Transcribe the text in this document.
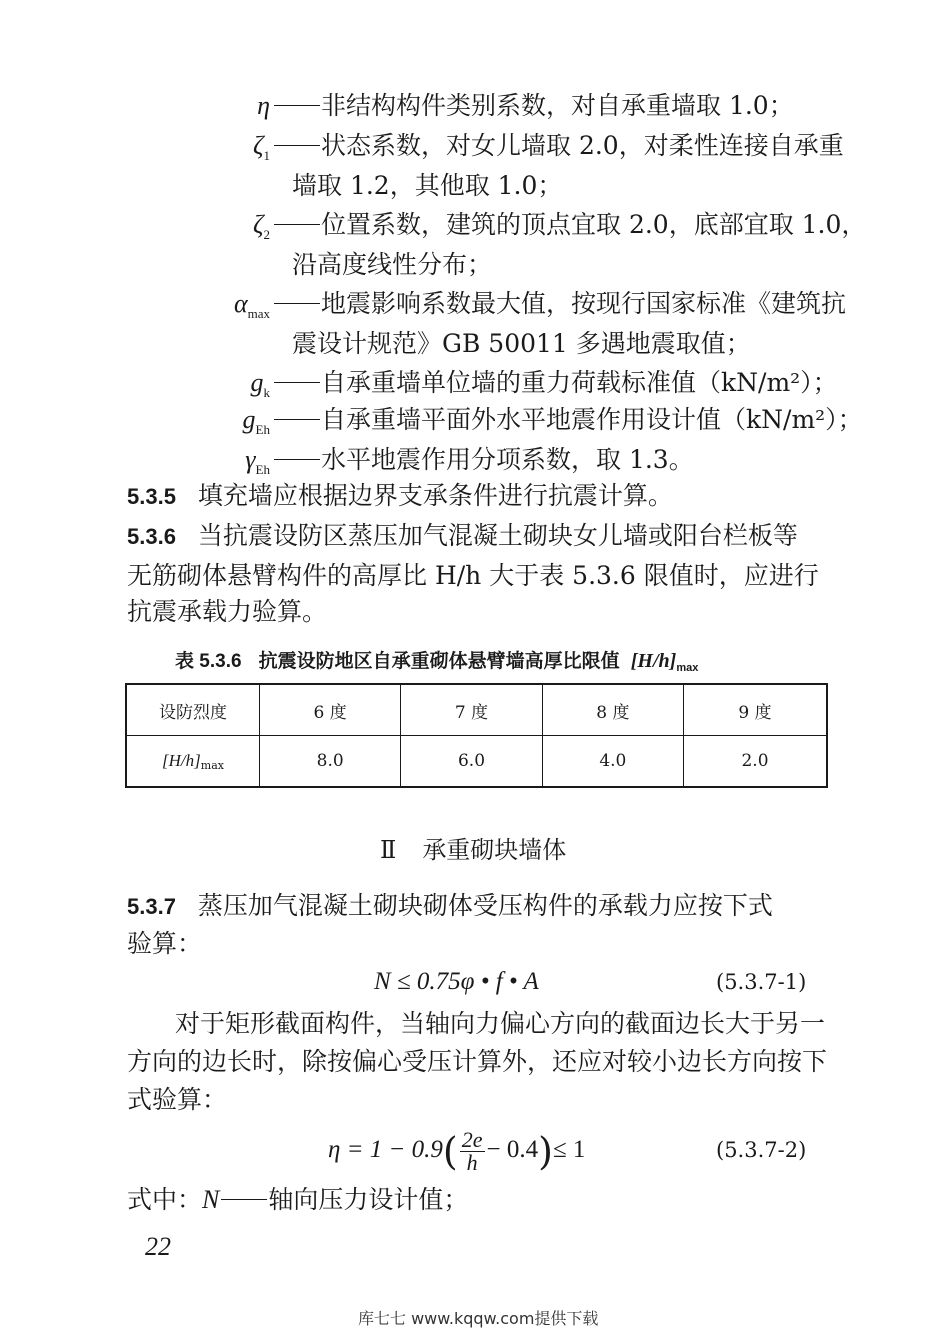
η	非结构构件类别系数，对自承重墙取 1.0；
$\zeta_1$	状态系数，对女儿墙取 2.0，对柔性连接自承重
墙取 1.2，其他取 1.0；
$\zeta_2$	位置系数，建筑的顶点宜取 2.0，底部宜取 1.0，
沿高度线性分布；
$\alpha_{max}$	地震影响系数最大值，按现行国家标准《建筑抗
震设计规范》GB 50011 多遇地震取值；
$g_k$	自承重墙单位墙的重力荷载标准值（kN/m²）；
$g_{Eh}$	自承重墙平面外水平地震作用设计值（kN/m²）；
$\gamma_{Eh}$	水平地震作用分项系数，取 1.3。
5.3.5 填充墙应根据边界支承条件进行抗震计算。
5.3.6 当抗震设防区蒸压加气混凝土砌块女儿墙或阳台栏板等
无筋砌体悬臂构件的高厚比 H/h 大于表 5.3.6 限值时，应进行
抗震承载力验算。
表 5.3.6 抗震设防地区自承重砌体悬臂墙高厚比限值 $[H/h]_{max}$
设防烈度	6 度	7 度	8 度	9 度
[H/h]max	8.0	6.0	4.0	2.0
Ⅱ 承重砌块墙体
5.3.7 蒸压加气混凝土砌块砌体受压构件的承载力应按下式
验算：
N ≤ 0.75φ • f • A	(5.3.7-1)
对于矩形截面构件，当轴向力偏心方向的截面边长大于另一
方向的边长时，除按偏心受压计算外，还应对较小边长方向按下
式验算：
$\eta = 1 - 0.9( \frac{2e}{h} - 0.4)\le 1$	(5.3.7-2)
式中：N 轴向压力设计值；
22
库七七 www.kqqw.com提供下载
